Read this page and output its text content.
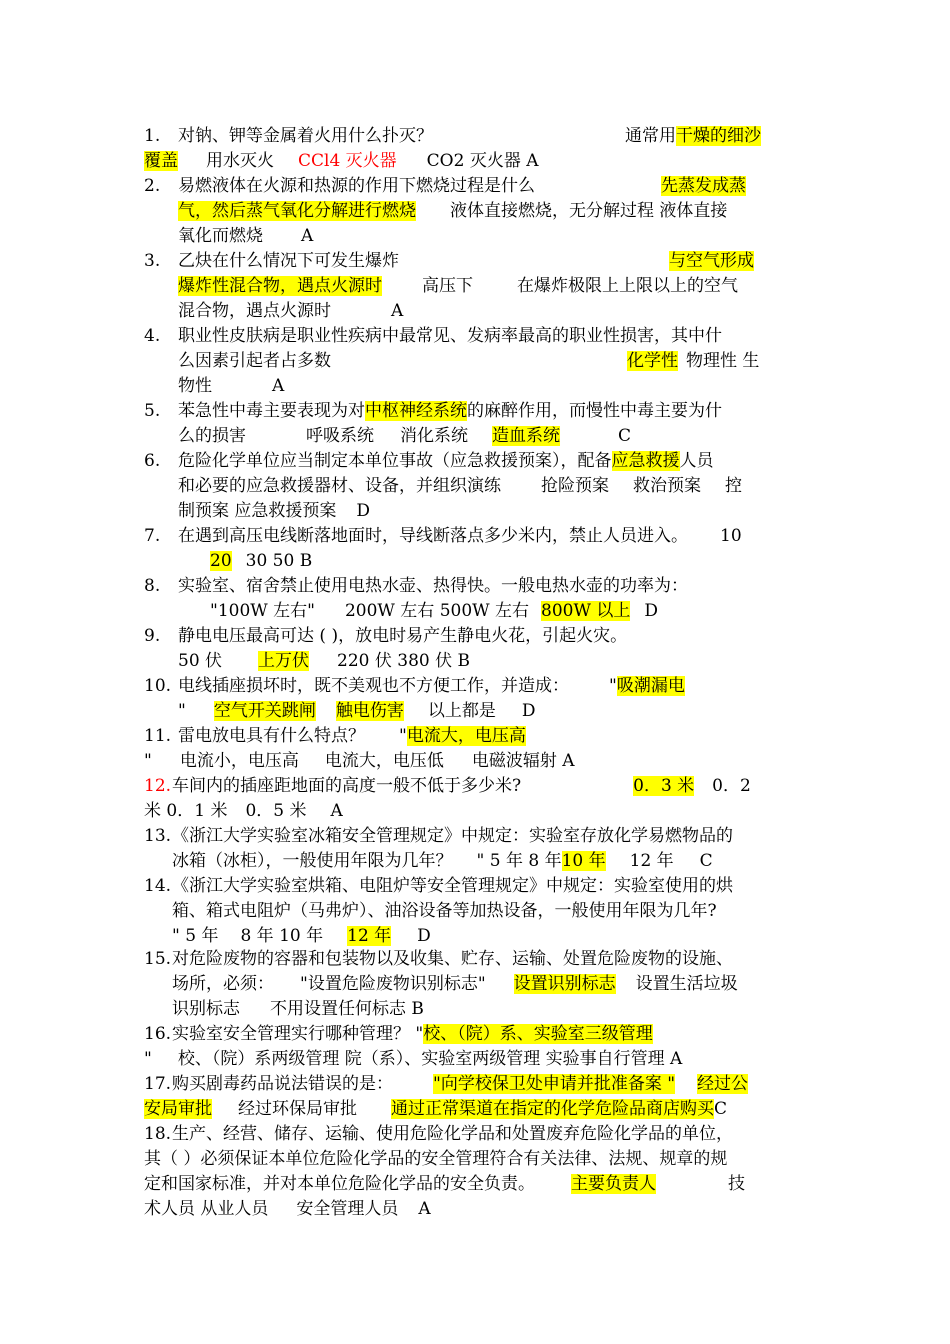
1. 对钠、钾等金属着火用什么扑灭？	通常用干燥的细沙
覆盖 用水灭火 CCl4 灭火器 CO2 灭火器 A
2. 易燃液体在火源和热源的作用下燃烧过程是什么	先蒸发成蒸
气，然后蒸气氧化分解进行燃烧 液体直接燃烧，无分解过程 液体直接
氧化而燃烧 A
3. 乙炔在什么情况下可发生爆炸	与空气形成
爆炸性混合物，遇点火源时 高压下	在爆炸极限上上限以上的空气
混合物，遇点火源时	A
4. 职业性皮肤病是职业性疾病中最常见、发病率最高的职业性损害，其中什
么因素引起者占多数	化学性 物理性 生
物性	A
5. 苯急性中毒主要表现为对中枢神经系统的麻醉作用，而慢性中毒主要为什
么的损害	呼吸系统 消化系统 造血系统	C
6. 危险化学单位应当制定本单位事故（应急救援预案），配备应急救援人员
和必要的应急救援器材、设备，并组织演练 抢险预案 救治预案 控
制预案 应急救援预案 D
7. 在遇到高压电线断落地面时，导线断落点多少米内，禁止人员进入。 10
20 30 50 B
8. 实验室、宿舍禁止使用电热水壶、热得快。一般电热水壶的功率为：
"100W 左右" 200W 左右 500W 左右 800W 以上 D
9. 静电电压最高可达 ( )，放电时易产生静电火花，引起火灾。
50 伏 上万伏 220 伏 380 伏 B
10. 电线插座损坏时，既不美观也不方便工作，并造成： "吸潮漏电
" 空气开关跳闸 触电伤害 以上都是 D
11. 雷电放电具有什么特点？ "电流大，电压高
" 电流小，电压高 电流大，电压低 电磁波辐射 A
12. 车间内的插座距地面的高度一般不低于多少米?	0．3 米 0．2
米 0．1 米 0．5 米 A
13. 《浙江大学实验室冰箱安全管理规定》中规定：实验室存放化学易燃物品的
冰箱（冰柜），一般使用年限为几年？ " 5 年 8 年10 年 12 年 C
14. 《浙江大学实验室烘箱、电阻炉等安全管理规定》中规定：实验室使用的烘
箱、箱式电阻炉（马弗炉）、油浴设备等加热设备，一般使用年限为几年?
" 5 年 8 年 10 年 12 年 D
15. 对危险废物的容器和包装物以及收集、贮存、运输、处置危险废物的设施、
场所，必须： "设置危险废物识别标志" 设置识别标志 设置生活垃圾
识别标志 不用设置任何标志 B
16. 实验室安全管理实行哪种管理？ "校、（院）系、实验室三级管理
" 校、（院）系两级管理 院（系）、实验室两级管理 实验事自行管理 A
17. 购买剧毒药品说法错误的是： "向学校保卫处申请并批准备案 " 经过公
安局审批 经过环保局审批 通过正常渠道在指定的化学危险品商店购买C
18. 生产、经营、储存、运输、使用危险化学品和处置废弃危险化学品的单位，
其（ ）必须保证本单位危险化学品的安全管理符合有关法律、法规、规章的规
定和国家标准，并对本单位危险化学品的安全负责。 主要负责人	技
术人员 从业人员 安全管理人员 A
